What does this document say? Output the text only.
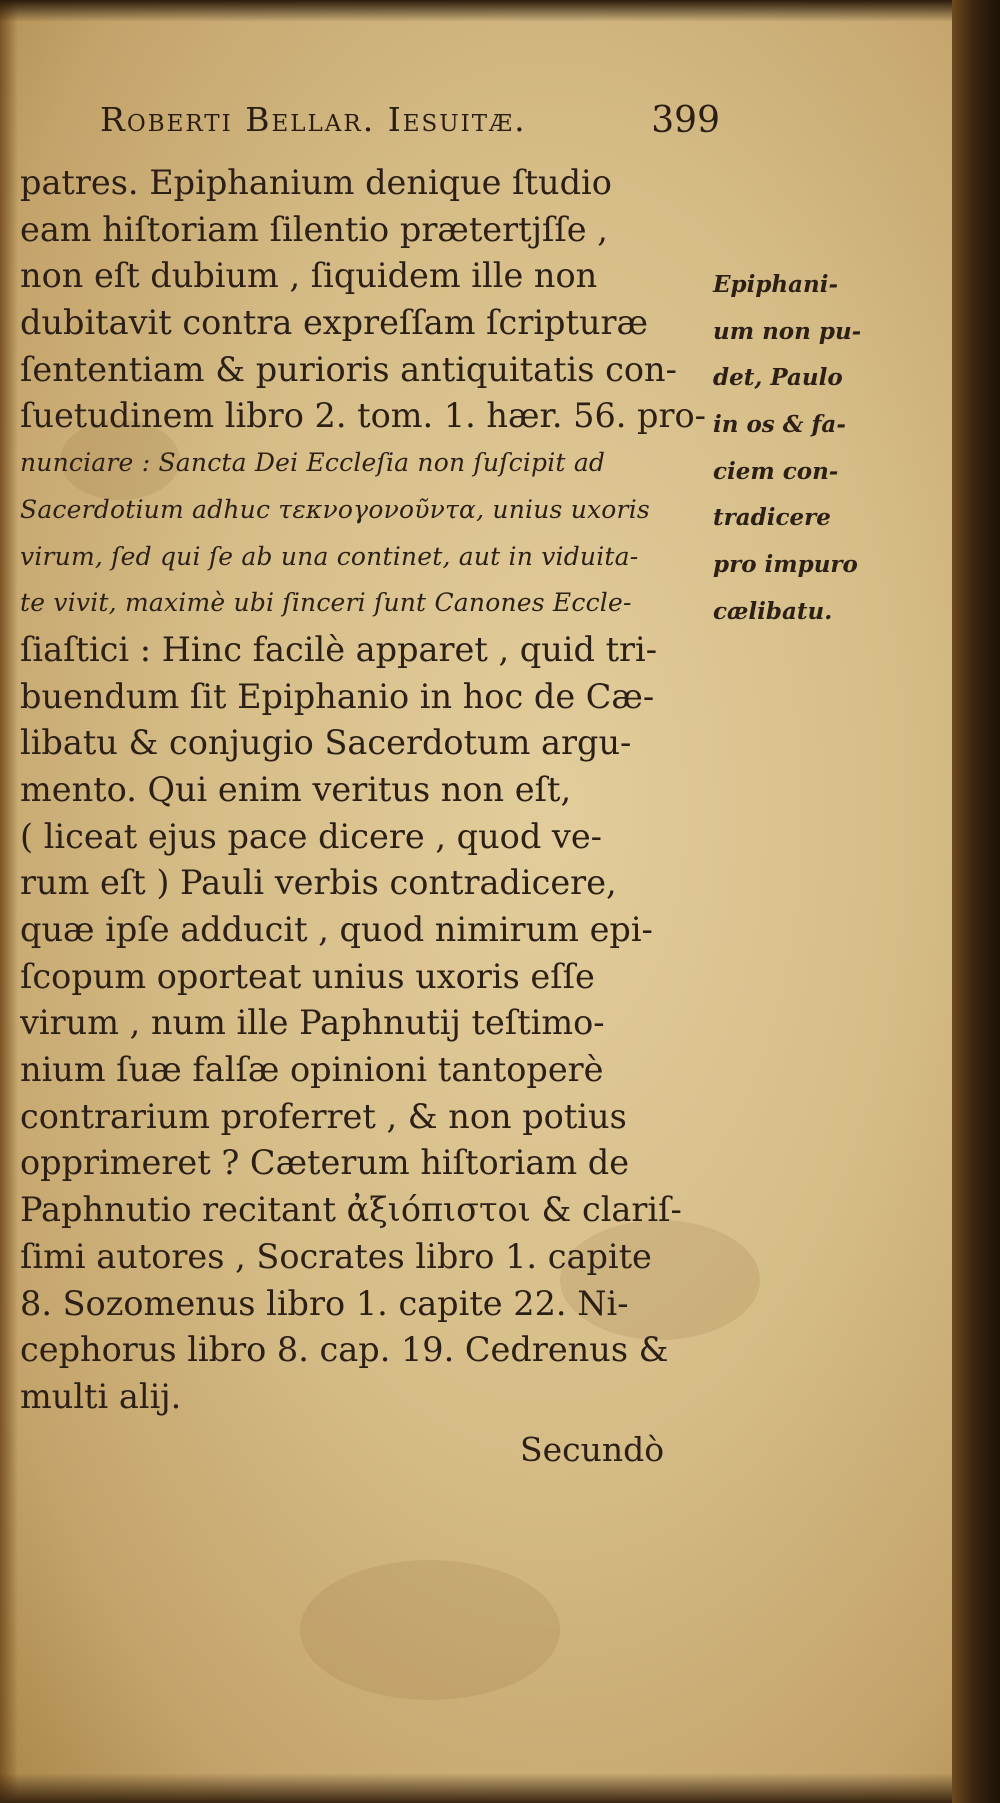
Roberti Bellar. Iesuitæ.	399
patres. Epiphanium denique ſtudio
eam hiſtoriam ſilentio prætertjſſe ,
non eſt dubium , ſiquidem ille non
dubitavit contra expreſſam ſcripturæ
ſententiam & purioris antiquitatis con-
ſuetudinem libro 2. tom. 1. hær. 56. pro-
nunciare : Sancta Dei Eccleſia non ſuſcipit ad
Sacerdotium adhuc τεκνογονοῦντα, unius uxoris
virum, ſed qui ſe ab una continet, aut in viduita-
te vivit, maximè ubi ſinceri ſunt Canones Eccle-
ſiaſtici : Hinc facilè apparet , quid tri-
buendum ſit Epiphanio in hoc de Cæ-
libatu & conjugio Sacerdotum argu-
mento. Qui enim veritus non eſt,
( liceat ejus pace dicere , quod ve-
rum eſt ) Pauli verbis contradicere,
quæ ipſe adducit , quod nimirum epi-
ſcopum oporteat unius uxoris eſſe
virum , num ille Paphnutij teſtimo-
nium ſuæ falſæ opinioni tantoperè
contrarium proferret , & non potius
opprimeret ? Cæterum hiſtoriam de
Paphnutio recitant ἀξιόπιστοι & clariſ-
ſimi autores , Socrates libro 1. capite
8. Sozomenus libro 1. capite 22. Ni-
cephorus libro 8. cap. 19. Cedrenus &
multi alij.
Epiphani-
um non pu-
det, Paulo
in os & fa-
ciem con-
tradicere
pro impuro
cælibatu.
Secundò
